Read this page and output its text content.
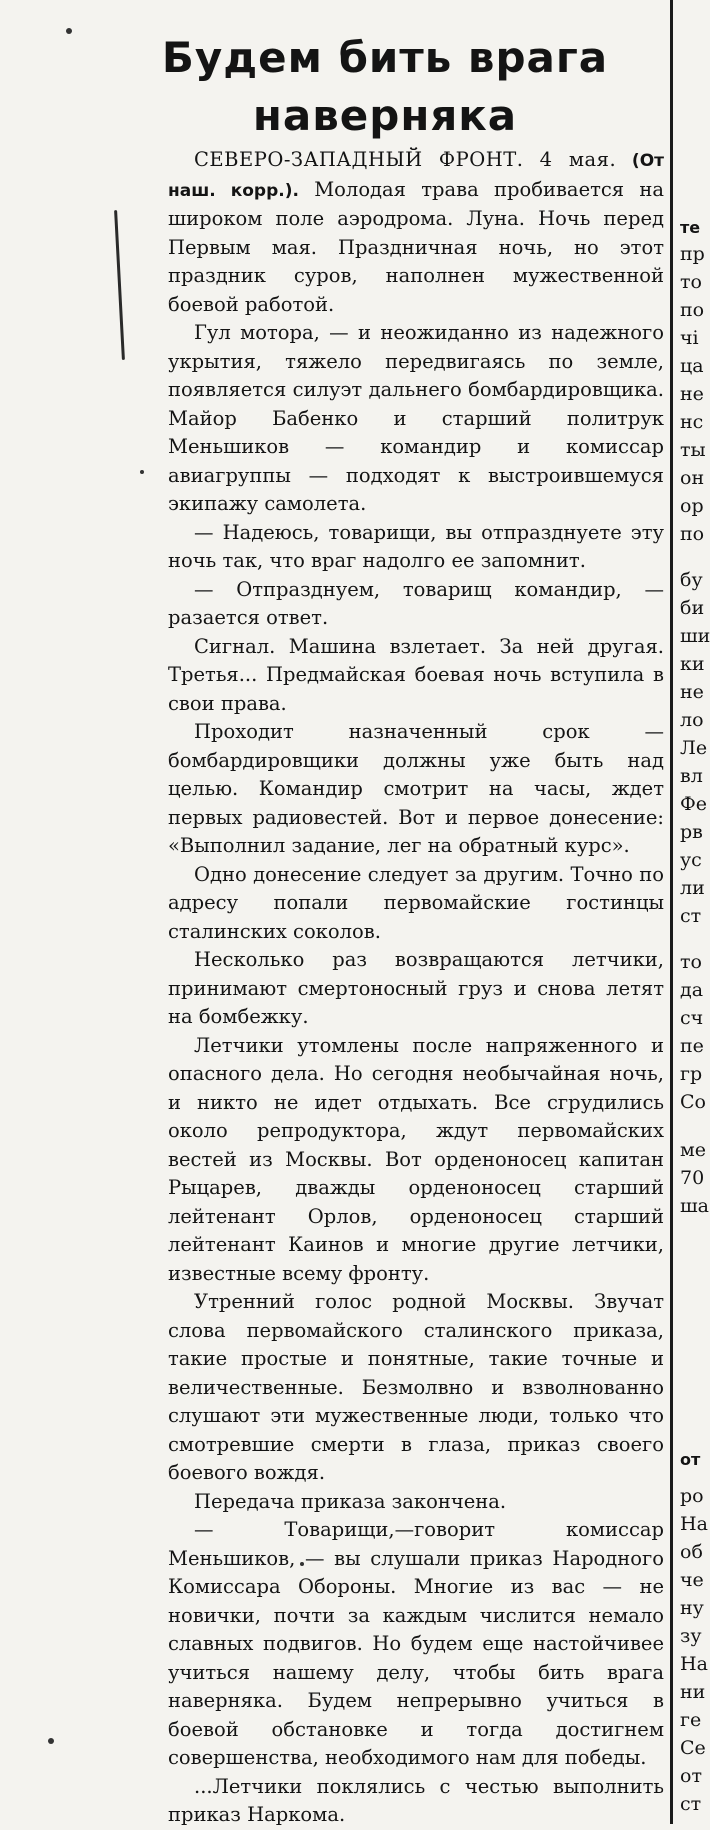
Будем бить врага
наверняка

СЕВЕРО-ЗАПАДНЫЙ ФРОНТ. 4 мая. (От наш. корр.). Молодая трава пробивается на широком поле аэродрома. Луна. Ночь перед Первым мая. Праздничная ночь, но этот праздник суров, наполнен мужественной боевой работой.

Гул мотора, — и неожиданно из надежного укрытия, тяжело передвигаясь по земле, появляется силуэт дальнего бомбардировщика. Майор Бабенко и старший политрук Меньшиков — командир и комиссар авиагруппы — подходят к выстроившемуся экипажу самолета.

— Надеюсь, товарищи, вы отпразднуете эту ночь так, что враг надолго ее запомнит.

— Отпразднуем, товарищ командир, — разается ответ.

Сигнал. Машина взлетает. За ней другая. Третья... Предмайская боевая ночь вступила в свои права.

Проходит назначенный срок — бомбардировщики должны уже быть над целью. Командир смотрит на часы, ждет первых радиовестей. Вот и первое донесение: «Выполнил задание, лег на обратный курс».

Одно донесение следует за другим. Точно по адресу попали первомайские гостинцы сталинских соколов.

Несколько раз возвращаются летчики, принимают смертоносный груз и снова летят на бомбежку.

Летчики утомлены после напряженного и опасного дела. Но сегодня необычайная ночь, и никто не идет отдыхать. Все сгрудились около репродуктора, ждут первомайских вестей из Москвы. Вот орденоносец капитан Рыцарев, дважды орденоносец старший лейтенант Орлов, орденоносец старший лейтенант Каинов и многие другие летчики, известные всему фронту.

Утренний голос родной Москвы. Звучат слова первомайского сталинского приказа, такие простые и понятные, такие точные и величественные. Безмолвно и взволнованно слушают эти мужественные люди, только что смотревшие смерти в глаза, приказ своего боевого вождя.

Передача приказа закончена.

— Товарищи,—говорит комиссар Меньшиков, — вы слушали приказ Народного Комиссара Обороны. Многие из вас — не новички, почти за каждым числится немало славных подвигов. Но будем еще настойчивее учиться нашему делу, чтобы бить врага наверняка. Будем непрерывно учиться в боевой обстановке и тогда достигнем совершенства, необходимого нам для победы.

...Летчики поклялись с честью выполнить приказ Наркома.

те
пр
то
по
чі
ца
не
нс
ты
он
ор
по
бу
би
ши
ки
не
ло
Ле
вл
Фе
рв
ус
ли
ст
то
да
сч
пе
гр
Со
ме
70
ша
от
ро
На
об
че
ну
зу
На
ни
ге
Се
от
ст
